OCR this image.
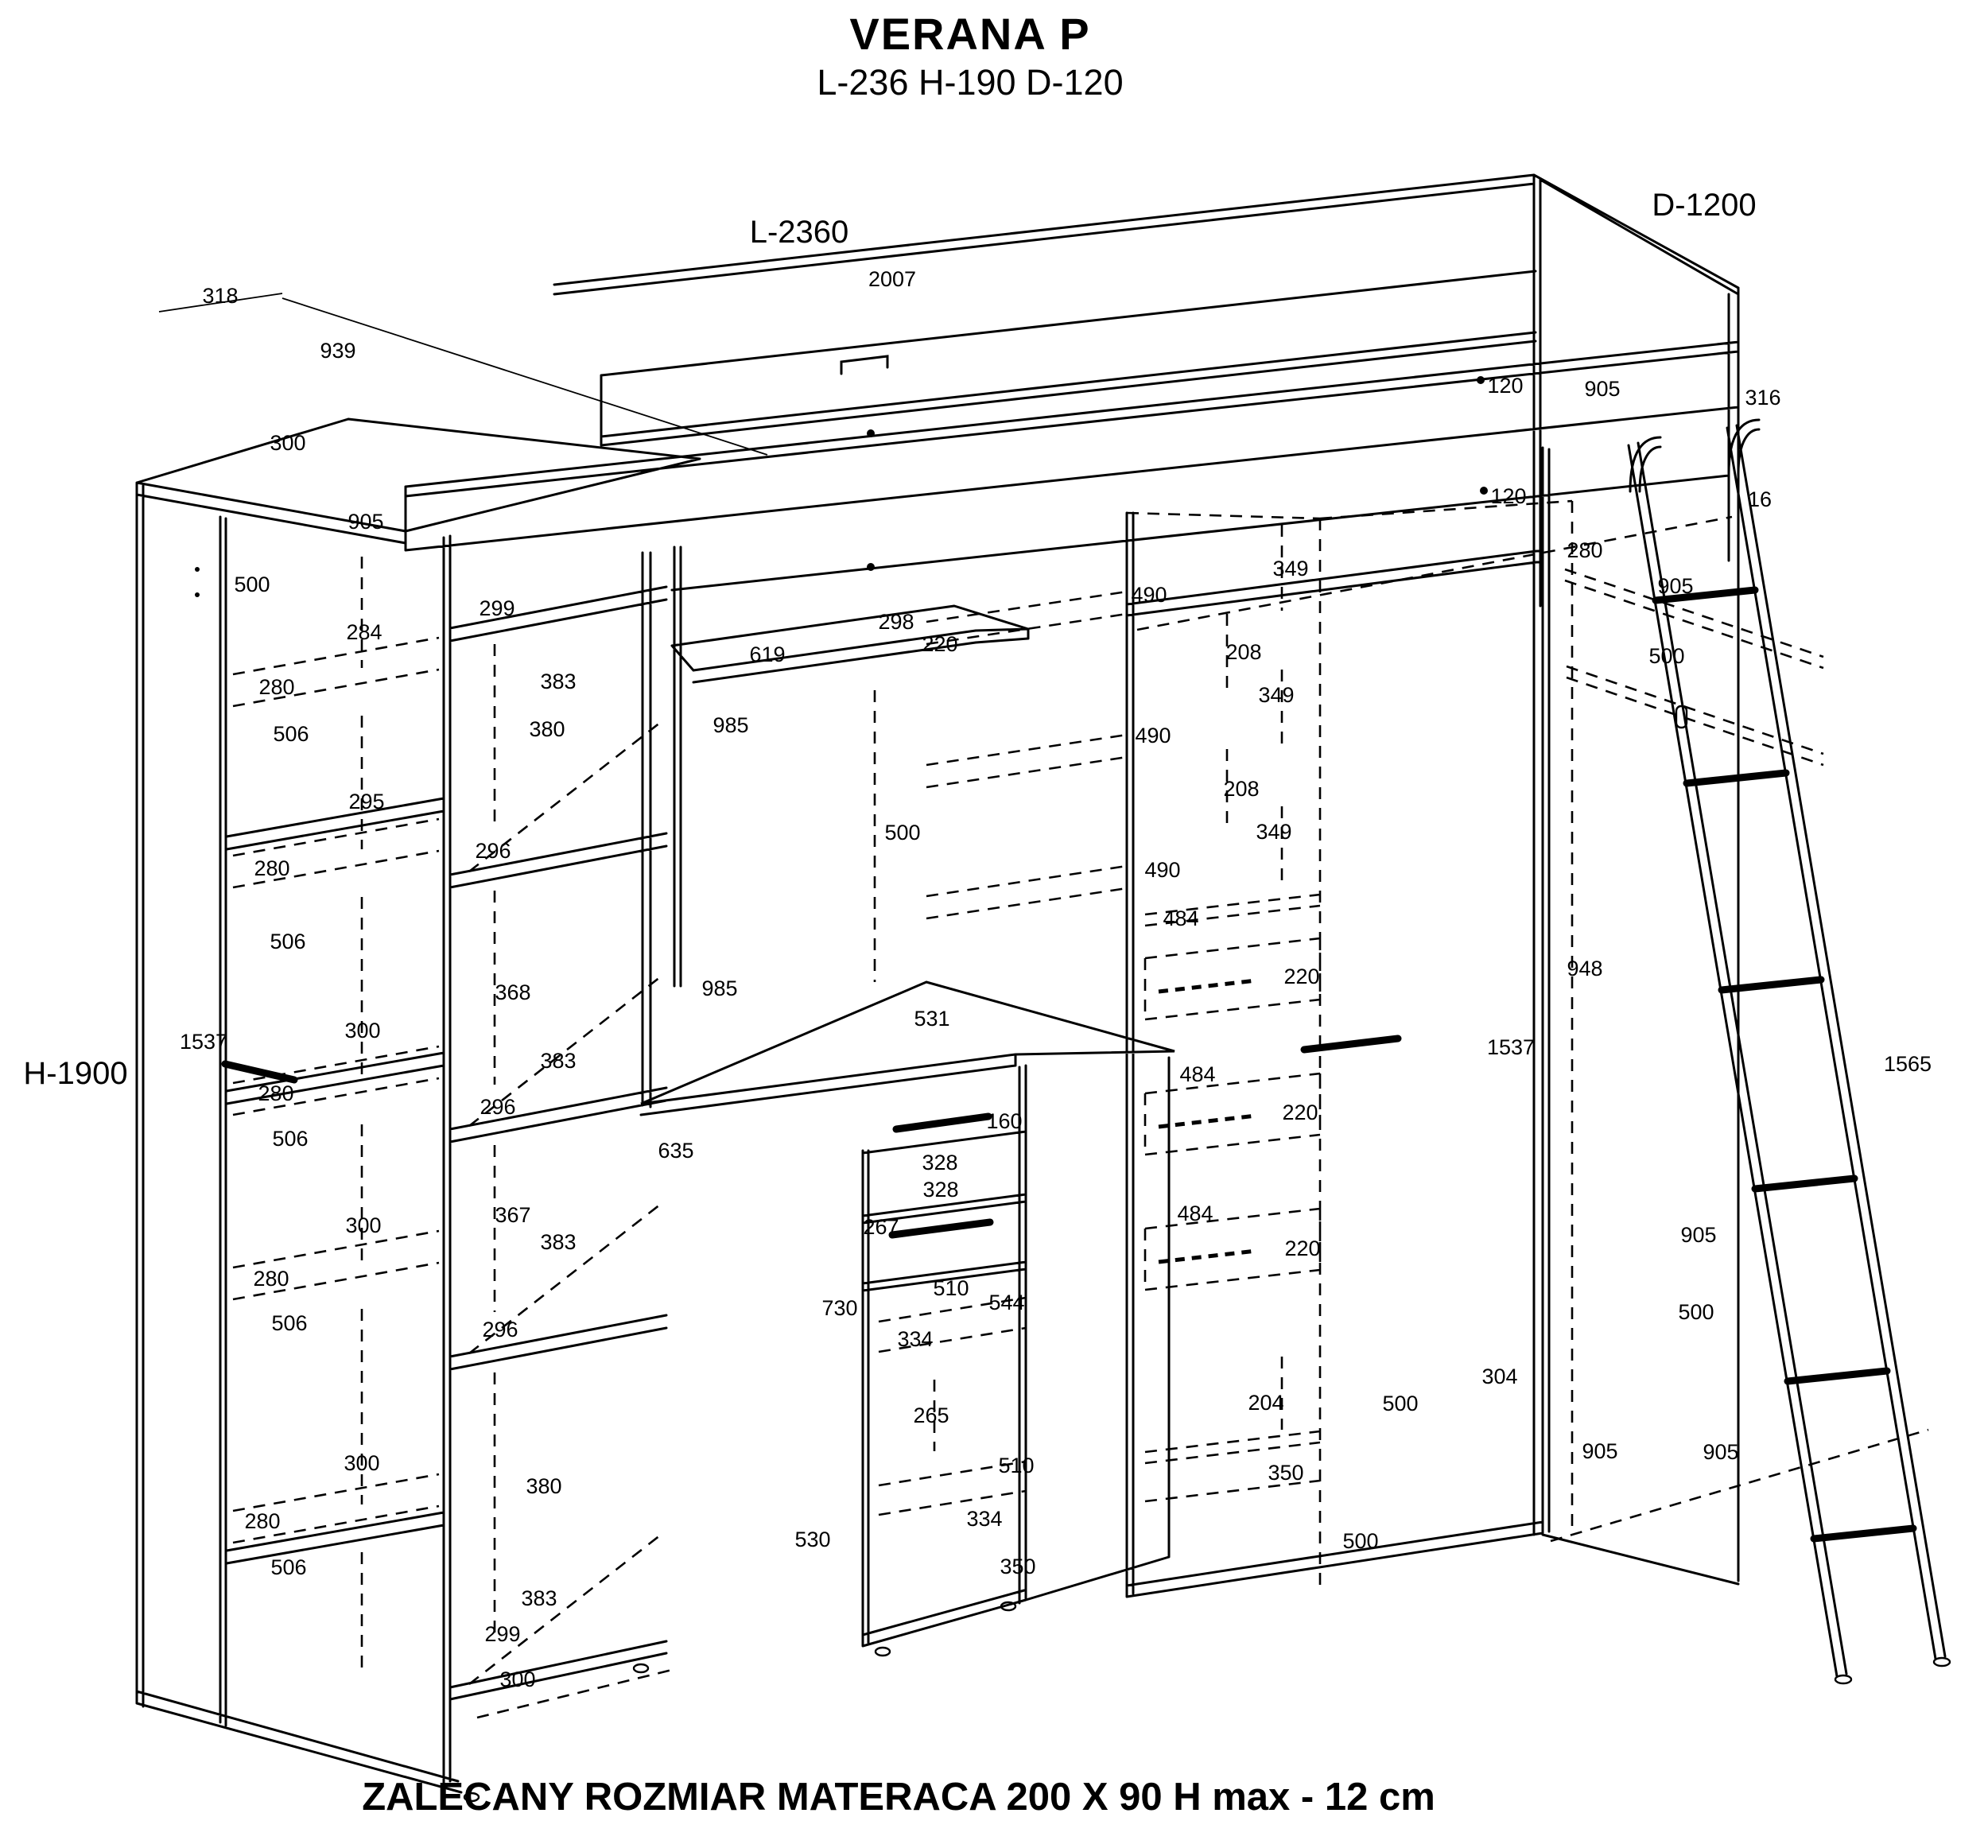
VERANA P
L-236 H-190 D-120
2007
318
939
120	905	316
300
120	16
905
280
349
500	905
490
299
298
284	220	208
619	500
383
280	349
985
380
506	490
208
295
349
500
296
280	490
484
506
948
220
985
368
531
300
1537	1537
383	1565
484
280
296	220
160
506	635	328
328
367	484
300	267	905
383	220
280	510
544
730	500
506	296	334
304
204	500
265
905	905
300	510	350
380
334
280
530	500
350
506
383
299
300
L-2360
D-1200
H-1900
ZALECANY ROZMIAR MATERACA 200 X 90 H max - 12 cm
